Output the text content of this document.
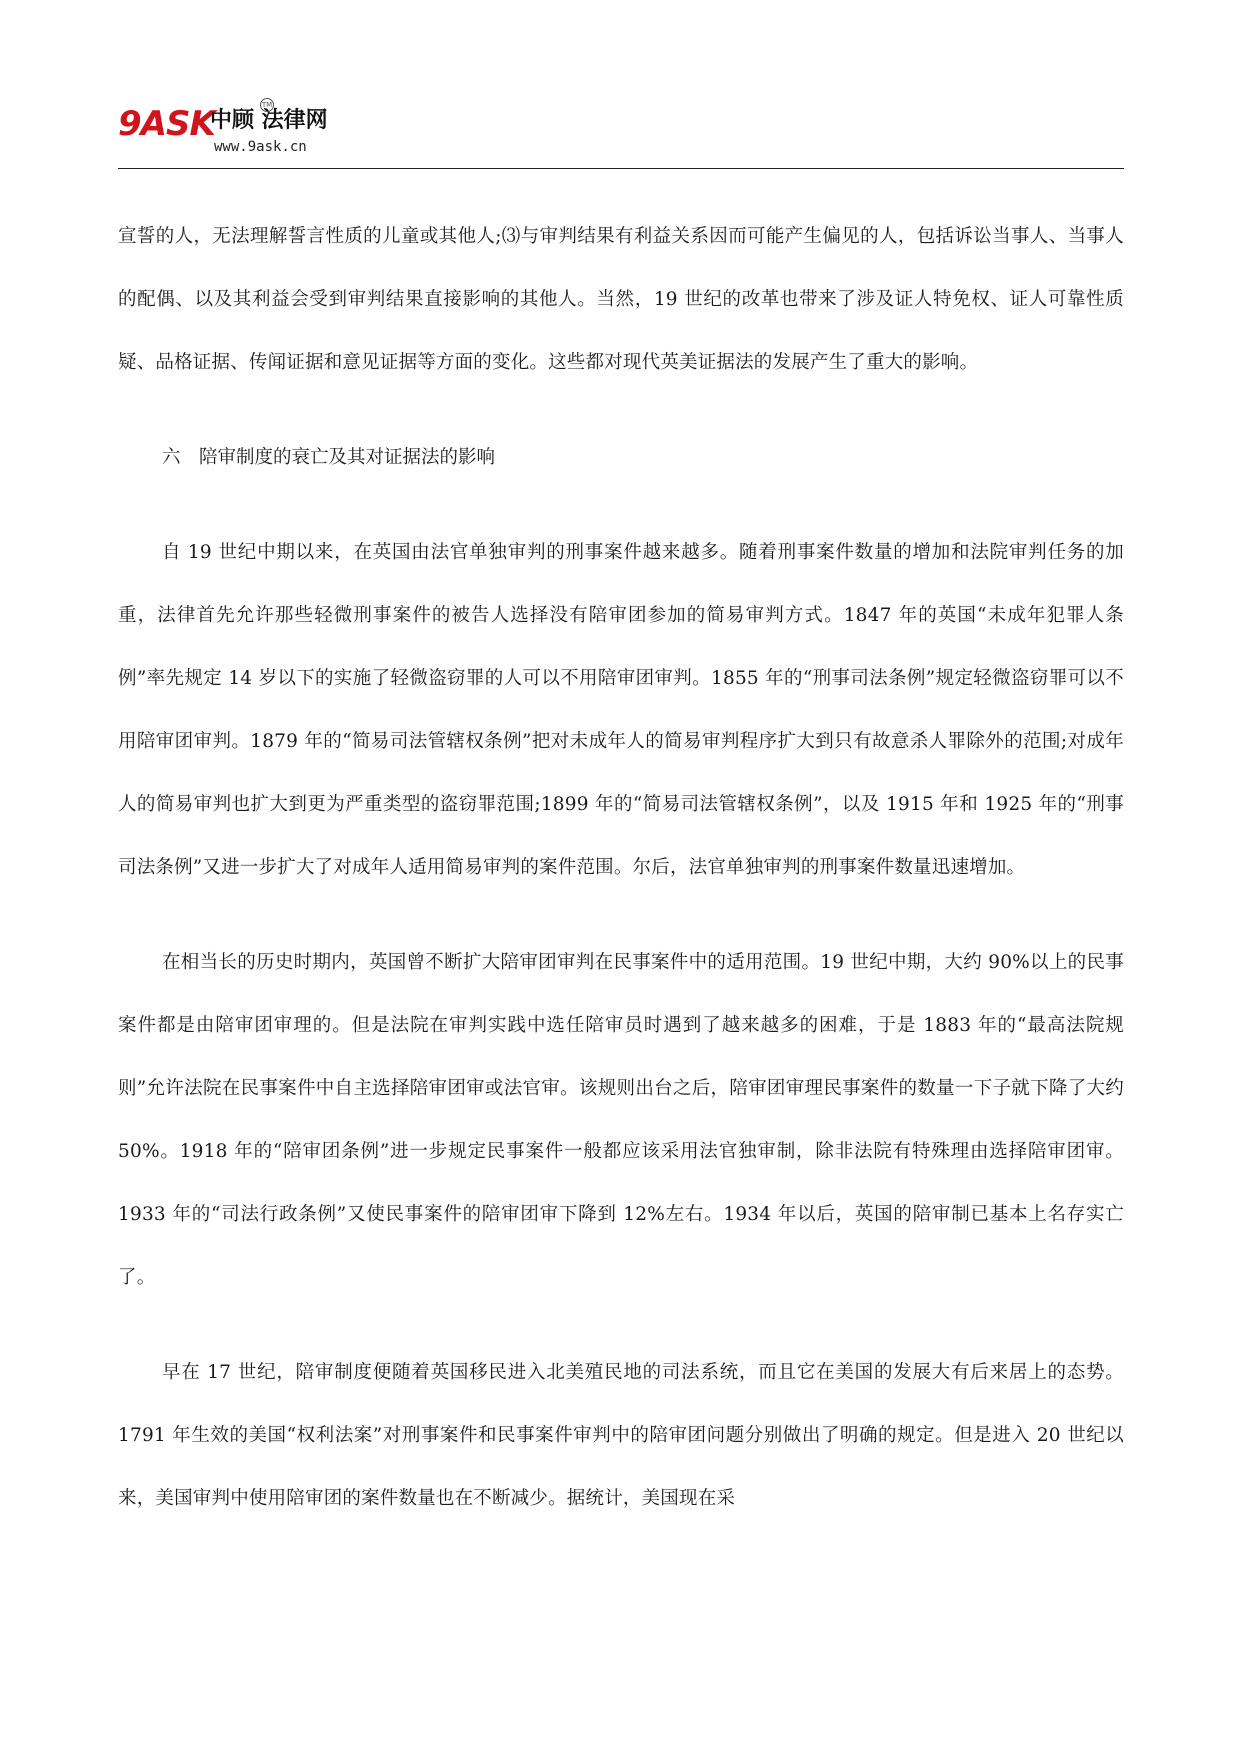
9ASK
中顾 法律网
TM
www.9ask.cn

宣誓的人，无法理解誓言性质的儿童或其他人;⑶与审判结果有利益关系因而可能产生偏见的人，包括诉讼当事人、当事人的配偶、以及其利益会受到审判结果直接影响的其他人。当然，19 世纪的改革也带来了涉及证人特免权、证人可靠性质疑、品格证据、传闻证据和意见证据等方面的变化。这些都对现代英美证据法的发展产生了重大的影响。

六　陪审制度的衰亡及其对证据法的影响

自 19 世纪中期以来，在英国由法官单独审判的刑事案件越来越多。随着刑事案件数量的增加和法院审判任务的加重，法律首先允许那些轻微刑事案件的被告人选择没有陪审团参加的简易审判方式。1847 年的英国“未成年犯罪人条例”率先规定 14 岁以下的实施了轻微盗窃罪的人可以不用陪审团审判。1855 年的“刑事司法条例”规定轻微盗窃罪可以不用陪审团审判。1879 年的“简易司法管辖权条例”把对未成年人的简易审判程序扩大到只有故意杀人罪除外的范围;对成年人的简易审判也扩大到更为严重类型的盗窃罪范围;1899 年的“简易司法管辖权条例”，以及 1915 年和 1925 年的“刑事司法条例”又进一步扩大了对成年人适用简易审判的案件范围。尔后，法官单独审判的刑事案件数量迅速增加。

在相当长的历史时期内，英国曾不断扩大陪审团审判在民事案件中的适用范围。19 世纪中期，大约 90%以上的民事案件都是由陪审团审理的。但是法院在审判实践中选任陪审员时遇到了越来越多的困难，于是 1883 年的“最高法院规则”允许法院在民事案件中自主选择陪审团审或法官审。该规则出台之后，陪审团审理民事案件的数量一下子就下降了大约 50%。1918 年的“陪审团条例”进一步规定民事案件一般都应该采用法官独审制，除非法院有特殊理由选择陪审团审。1933 年的“司法行政条例”又使民事案件的陪审团审下降到 12%左右。1934 年以后，英国的陪审制已基本上名存实亡了。

早在 17 世纪，陪审制度便随着英国移民进入北美殖民地的司法系统，而且它在美国的发展大有后来居上的态势。1791 年生效的美国“权利法案”对刑事案件和民事案件审判中的陪审团问题分别做出了明确的规定。但是进入 20 世纪以来，美国审判中使用陪审团的案件数量也在不断减少。据统计，美国现在采
